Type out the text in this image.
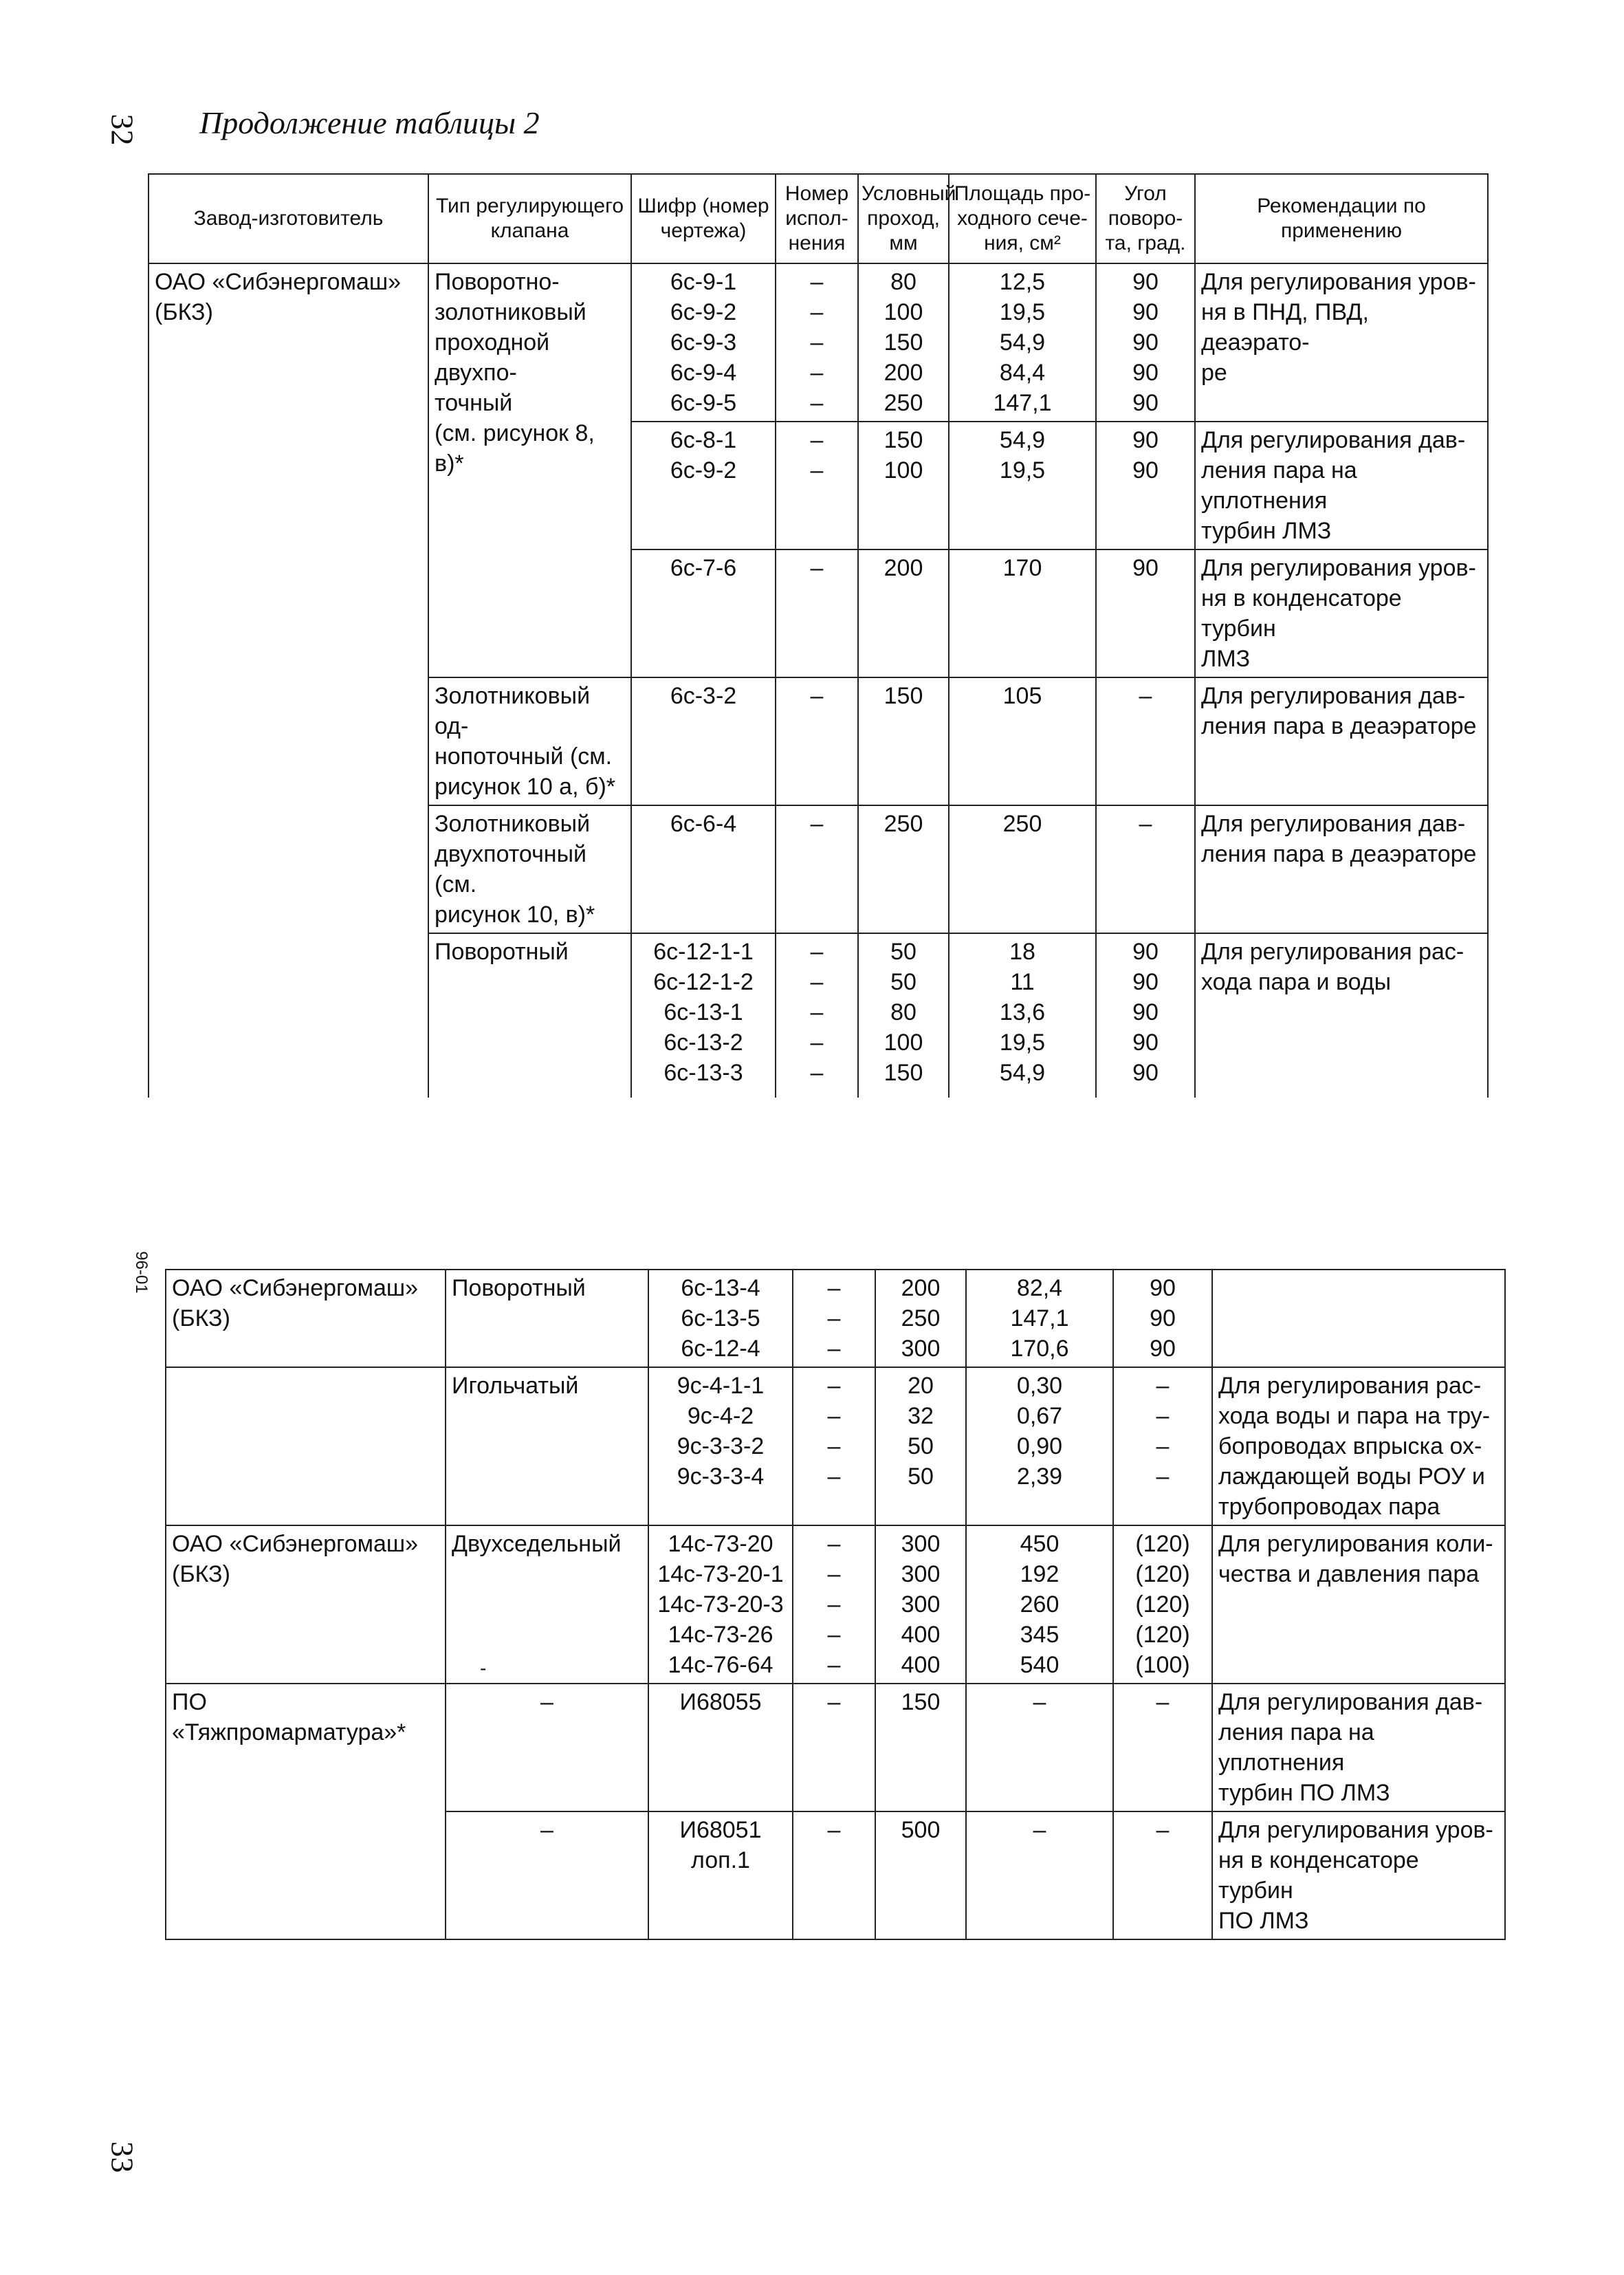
32 Продолжение таблицы 2
96-01
33
-
Завод-изготовитель	Тип регулирующего клапана	Шифр (номер чертежа)	Номер испол-нения	Условный проход, мм	Площадь про-ходного сече-ния, см²	Угол поворо-та, град.	Рекомендации по применению

ОАО «Сибэнергомаш»
(БКЗ)	Поворотно-
золотниковый
проходной двухпо-
точный
(см. рисунок 8, в)*	6с-9-1
6с-9-2
6с-9-3
6с-9-4
6с-9-5	–
–
–
–
–	80
100
150
200
250	12,5
19,5
54,9
84,4
147,1	90
90
90
90
90	Для регулирования уров-
ня в ПНД, ПВД, деаэрато-
ре

		6с-8-1
6с-9-2	–
–	150
100	54,9
19,5	90
90	Для регулирования дав-
ления пара на уплотнения
турбин ЛМЗ

		6с-7-6	–	200	170	90	Для регулирования уров-
ня в конденсаторе турбин
ЛМЗ

	Золотниковый од-
нопоточный (см.
рисунок 10 а, б)*	6с-3-2	–	150	105	–	Для регулирования дав-
ления пара в деаэраторе

	Золотниковый
двухпоточный (см.
рисунок 10, в)*	6с-6-4	–	250	250	–	Для регулирования дав-
ления пара в деаэраторе

	Поворотный	6с-12-1-1
6с-12-1-2
6с-13-1
6с-13-2
6с-13-3	–
–
–
–
–	50
50
80
100
150	18
11
13,6
19,5
54,9	90
90
90
90
90	Для регулирования рас-
хода пара и воды
ОАО «Сибэнергомаш»
(БКЗ)	Поворотный	6с-13-4
6с-13-5
6с-12-4	–
–
–	200
250
300	82,4
147,1
170,6	90
90
90	

	Игольчатый	9с-4-1-1
9с-4-2
9с-3-3-2
9с-3-3-4	–
–
–
–	20
32
50
50	0,30
0,67
0,90
2,39	–
–
–
–	Для регулирования рас-
хода воды и пара на тру-
бопроводах впрыска ох-
лаждающей воды РОУ и
трубопроводах пара

ОАО «Сибэнергомаш»
(БКЗ)	Двухседельный	14с-73-20
14с-73-20-1
14с-73-20-3
14с-73-26
14с-76-64	–
–
–
–
–	300
300
300
400
400	450
192
260
345
540	(120)
(120)
(120)
(120)
(100)	Для регулирования коли-
чества и давления пара

ПО «Тяжпромарматура»*	–	И68055	–	150	–	–	Для регулирования дав-
ления пара на уплотнения
турбин ПО ЛМЗ

	–	И68051
лоп.1	–	500	–	–	Для регулирования уров-
ня в конденсаторе турбин
ПО ЛМЗ
